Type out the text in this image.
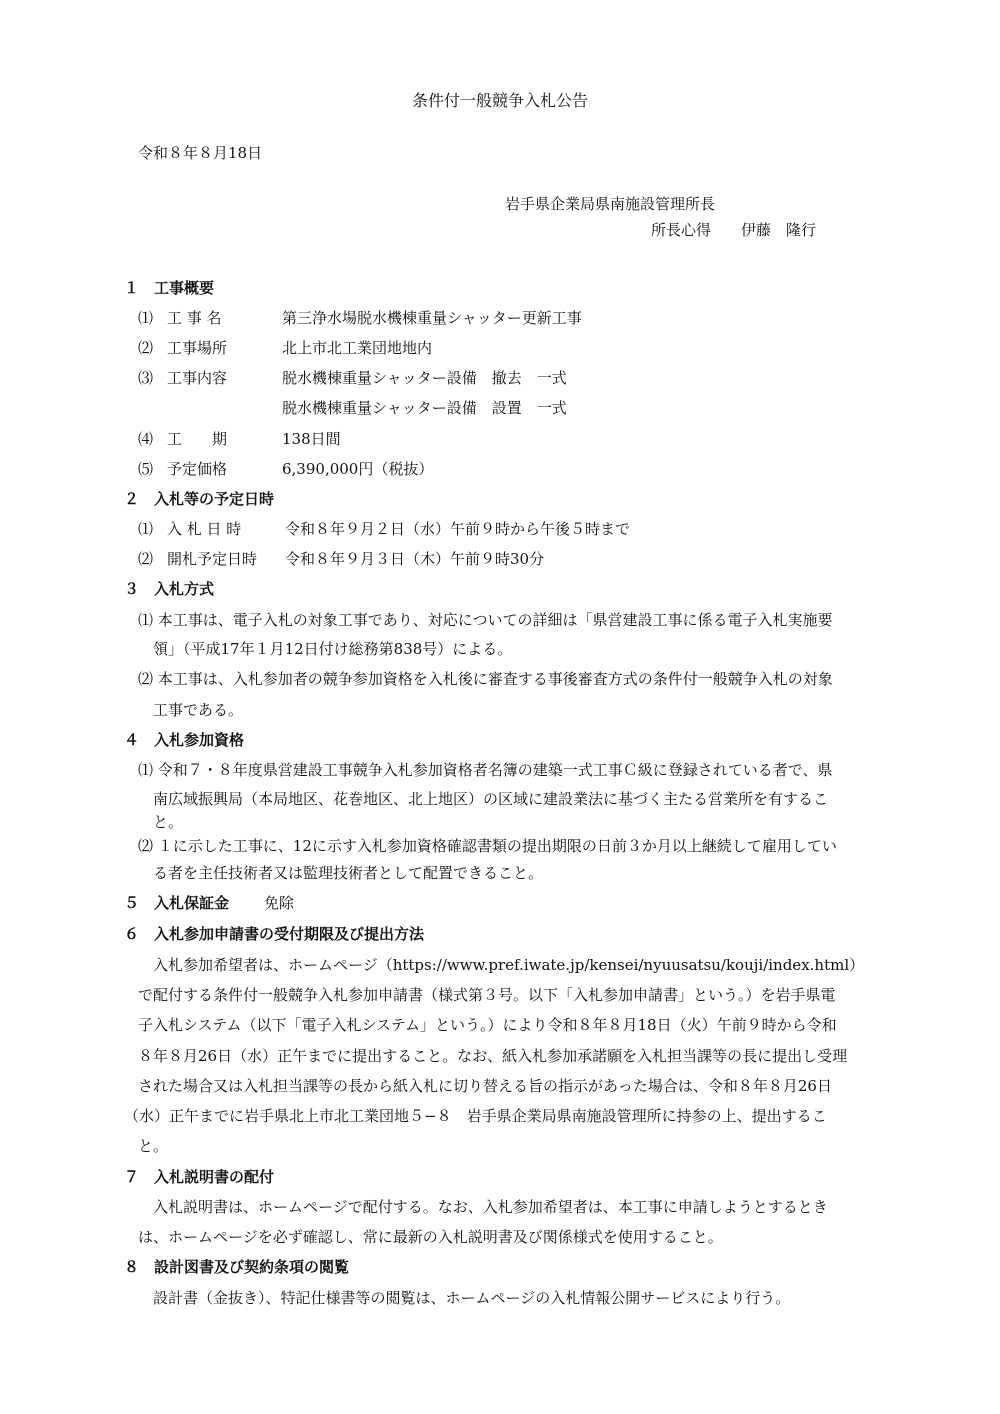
条件付一般競争入札公告
令和８年８月18日
岩手県企業局県南施設管理所長
所長心得　　伊藤　隆行
１　工事概要
⑴ 工 事 名	第三浄水場脱水機棟重量シャッター更新工事
⑵ 工事場所	北上市北工業団地地内
⑶ 工事内容	脱水機棟重量シャッター設備　撤去　一式
脱水機棟重量シャッター設備　設置　一式
⑷ 工　　期	138日間
⑸ 予定価格	6,390,000円（税抜）
２　入札等の予定日時
⑴ 入 札 日 時	令和８年９月２日（水）午前９時から午後５時まで
⑵ 開札予定日時 令和８年９月３日（木）午前９時30分
３　入札方式
⑴ 本工事は、電子入札の対象工事であり、対応についての詳細は「県営建設工事に係る電子入札実施要
領」（平成17年１月12日付け総務第838号）による。
⑵ 本工事は、入札参加者の競争参加資格を入札後に審査する事後審査方式の条件付一般競争入札の対象
工事である。
４　入札参加資格
⑴ 令和７・８年度県営建設工事競争入札参加資格者名簿の建築一式工事Ｃ級に登録されている者で、県
南広域振興局（本局地区、花巻地区、北上地区）の区域に建設業法に基づく主たる営業所を有するこ
と。
⑵ １に示した工事に、12に示す入札参加資格確認書類の提出期限の日前３か月以上継続して雇用してい
る者を主任技術者又は監理技術者として配置できること。
５　入札保証金 免除
６　入札参加申請書の受付期限及び提出方法
入札参加希望者は、ホームページ（https://www.pref.iwate.jp/kensei/nyuusatsu/kouji/index.html）
で配付する条件付一般競争入札参加申請書（様式第３号。以下「入札参加申請書」という。）を岩手県電
子入札システム（以下「電子入札システム」という。）により令和８年８月18日（火）午前９時から令和
８年８月26日（水）正午までに提出すること。なお、紙入札参加承諾願を入札担当課等の長に提出し受理
された場合又は入札担当課等の長から紙入札に切り替える旨の指示があった場合は、令和８年８月26日
（水）正午までに岩手県北上市北工業団地５−８　岩手県企業局県南施設管理所に持参の上、提出するこ
と。
７　入札説明書の配付
入札説明書は、ホームページで配付する。なお、入札参加希望者は、本工事に申請しようとするとき
は、ホームページを必ず確認し、常に最新の入札説明書及び関係様式を使用すること。
８　設計図書及び契約条項の閲覧
設計書（金抜き）、特記仕様書等の閲覧は、ホームページの入札情報公開サービスにより行う。
